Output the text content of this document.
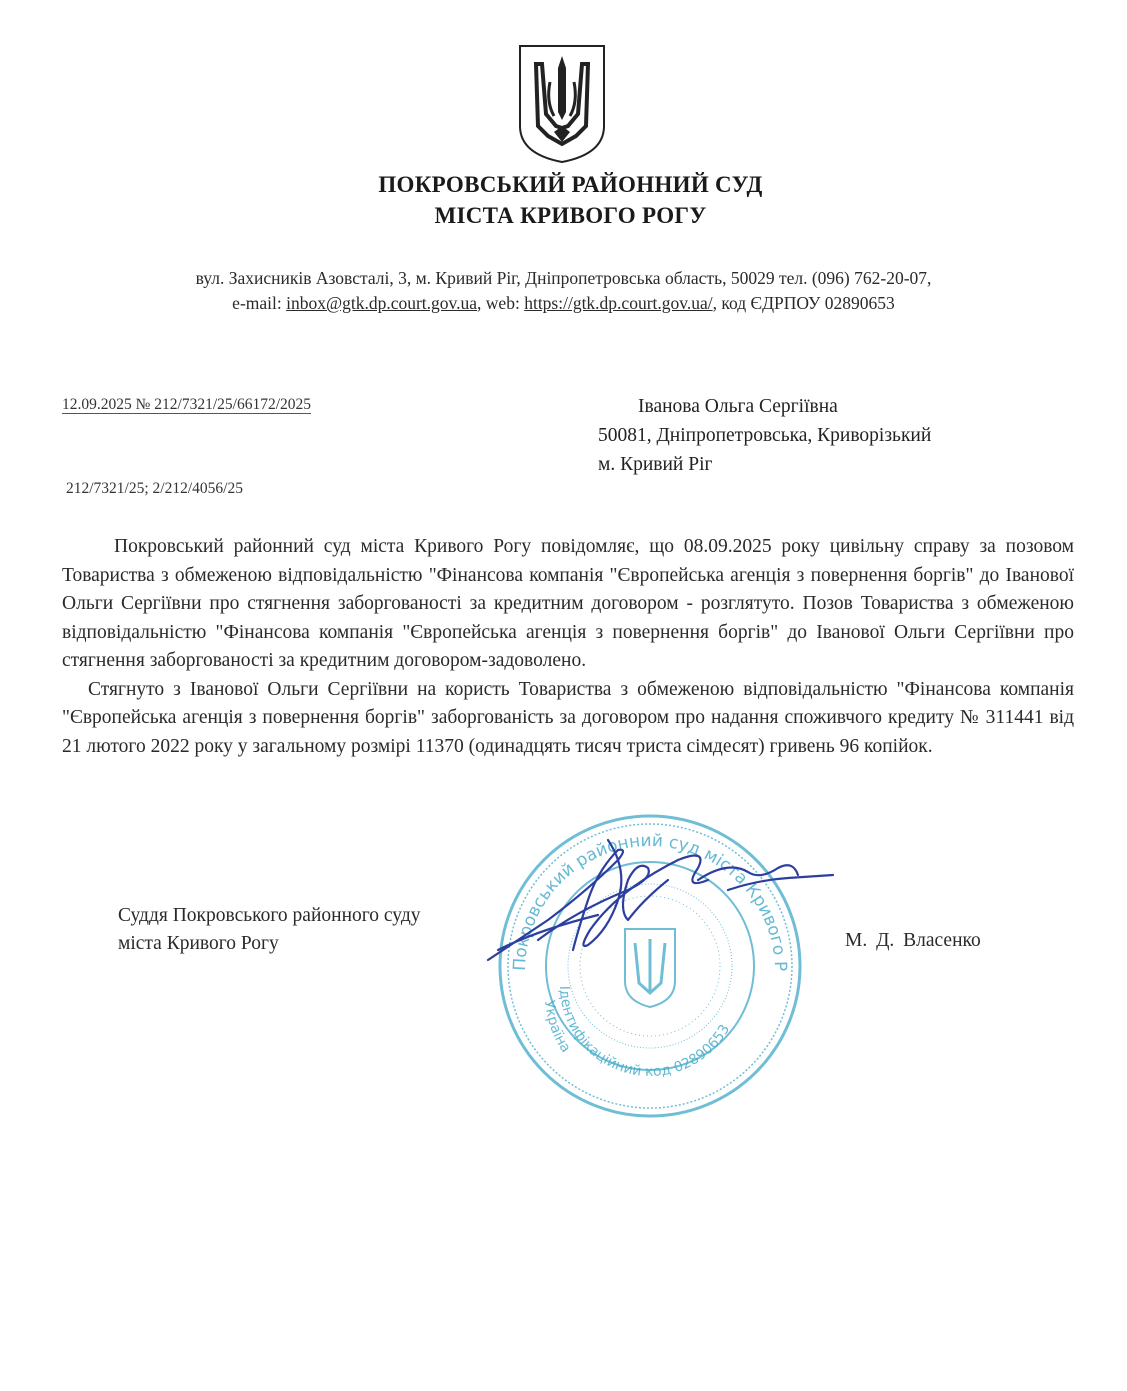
ПОКРОВСЬКИЙ РАЙОННИЙ СУД
МІСТА КРИВОГО РОГУ
вул. Захисників Азовсталі, 3, м. Кривий Ріг, Дніпропетровська область, 50029 тел. (096) 762-20-07,
e-mail: inbox@gtk.dp.court.gov.ua, web: https://gtk.dp.court.gov.ua/, код ЄДРПОУ 02890653
12.09.2025 № 212/7321/25/66172/2025	Іванова Ольга Сергіївна
50081, Дніпропетровська, Криворізький
м. Кривий Ріг
212/7321/25; 2/212/4056/25

Покровський районний суд міста Кривого Рогу повідомляє, що 08.09.2025 року цивільну справу за позовом Товариства з обмеженою відповідальністю "Фінансова компанія "Європейська агенція з повернення боргів" до Іванової Ольги Сергіївни про стягнення заборгованості за кредитним договором - розглятуто. Позов Товариства з обмеженою відповідальністю "Фінансова компанія "Європейська агенція з повернення боргів" до Іванової Ольги Сергіївни про стягнення заборгованості за кредитним договором-задоволено.

Стягнуто з Іванової Ольги Сергіївни на користь Товариства з обмеженою відповідальністю "Фінансова компанія "Європейська агенція з повернення боргів" заборгованість за договором про надання споживчого кредиту № 311441 від 21 лютого 2022 року у загальному розмірі 11370 (одинадцять тисяч триста сімдесят) гривень 96 копійок.

Суддя Покровського районного суду
міста Кривого Рогу
Покровський районний суд міста Кривого Р
Ідентифікаційний код 02890653
Україна
М. Д. Власенко
